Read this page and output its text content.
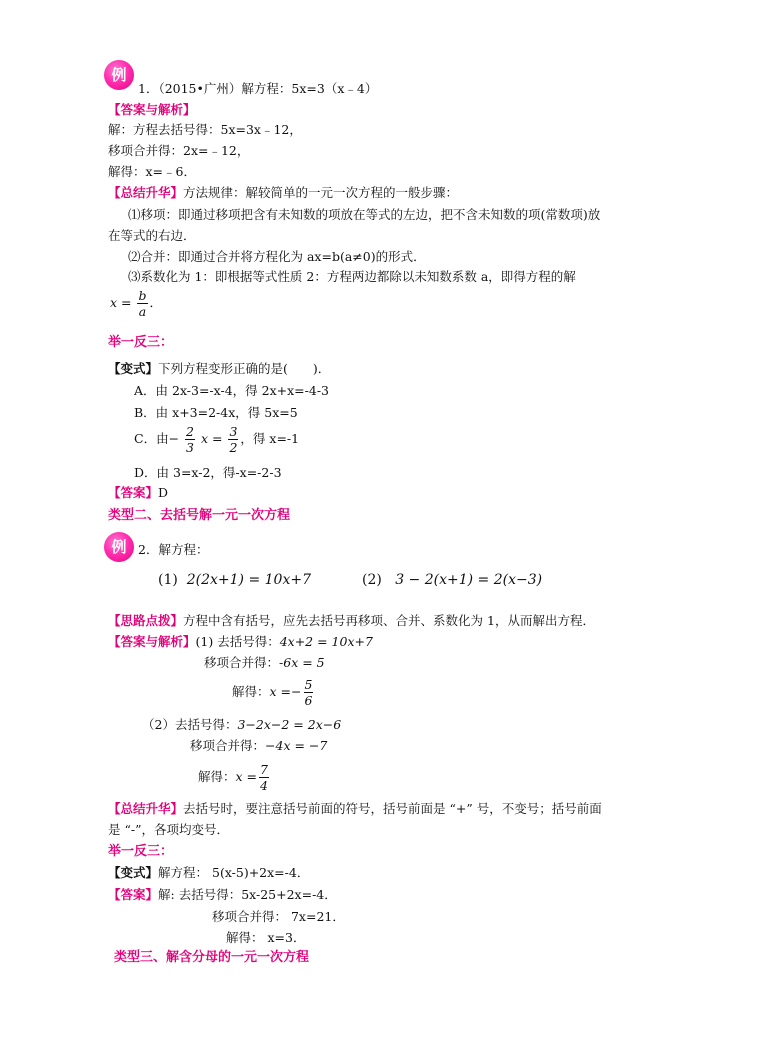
例
1．（2015•广州）解方程：5x=3（x﹣4）
【答案与解析】
解：方程去括号得：5x=3x﹣12，
移项合并得：2x=﹣12，
解得：x=﹣6．
【总结升华】方法规律：解较简单的一元一次方程的一般步骤：
⑴移项：即通过移项把含有未知数的项放在等式的左边，把不含未知数的项(常数项)放
在等式的右边．
⑵合并：即通过合并将方程化为 ax=b(a≠0)的形式．
⑶系数化为 1：即根据等式性质 2：方程两边都除以未知数系数 a，即得方程的解
$x = \frac{b}{a}$ ．
举一反三：
【变式】下列方程变形正确的是(　　)．
A．由 2x-3=-x-4，得 2x+x=-4-3
B．由 x+3=2-4x，得 5x=5
C．由− $\frac{2}{3}$ $x = \frac{3}{2}$ ，得 x=-1
D．由 3=x-2，得-x=-2-3
【答案】D
类型二、去括号解一元一次方程
例 2．解方程：
(1) 2(2x+1) = 10x+7	(2) 3 − 2(x+1) = 2(x−3)
【思路点拨】方程中含有括号，应先去括号再移项、合并、系数化为 1，从而解出方程．
【答案与解析】(1) 去括号得：4x+2 = 10x+7
移项合并得：-6x = 5
解得：$x =- \frac{5}{6}$
（2）去括号得：3−2x−2 = 2x−6
移项合并得：−4x = −7
解得：$x = \frac{7}{4}$
【总结升华】去括号时，要注意括号前面的符号，括号前面是 “+” 号，不变号；括号前面
是 “-”，各项均变号．
举一反三：
【变式】解方程： 5(x-5)+2x=-4．
【答案】解: 去括号得：5x-25+2x=-4．
移项合并得： 7x=21．
解得： x=3．
类型三、解含分母的一元一次方程
